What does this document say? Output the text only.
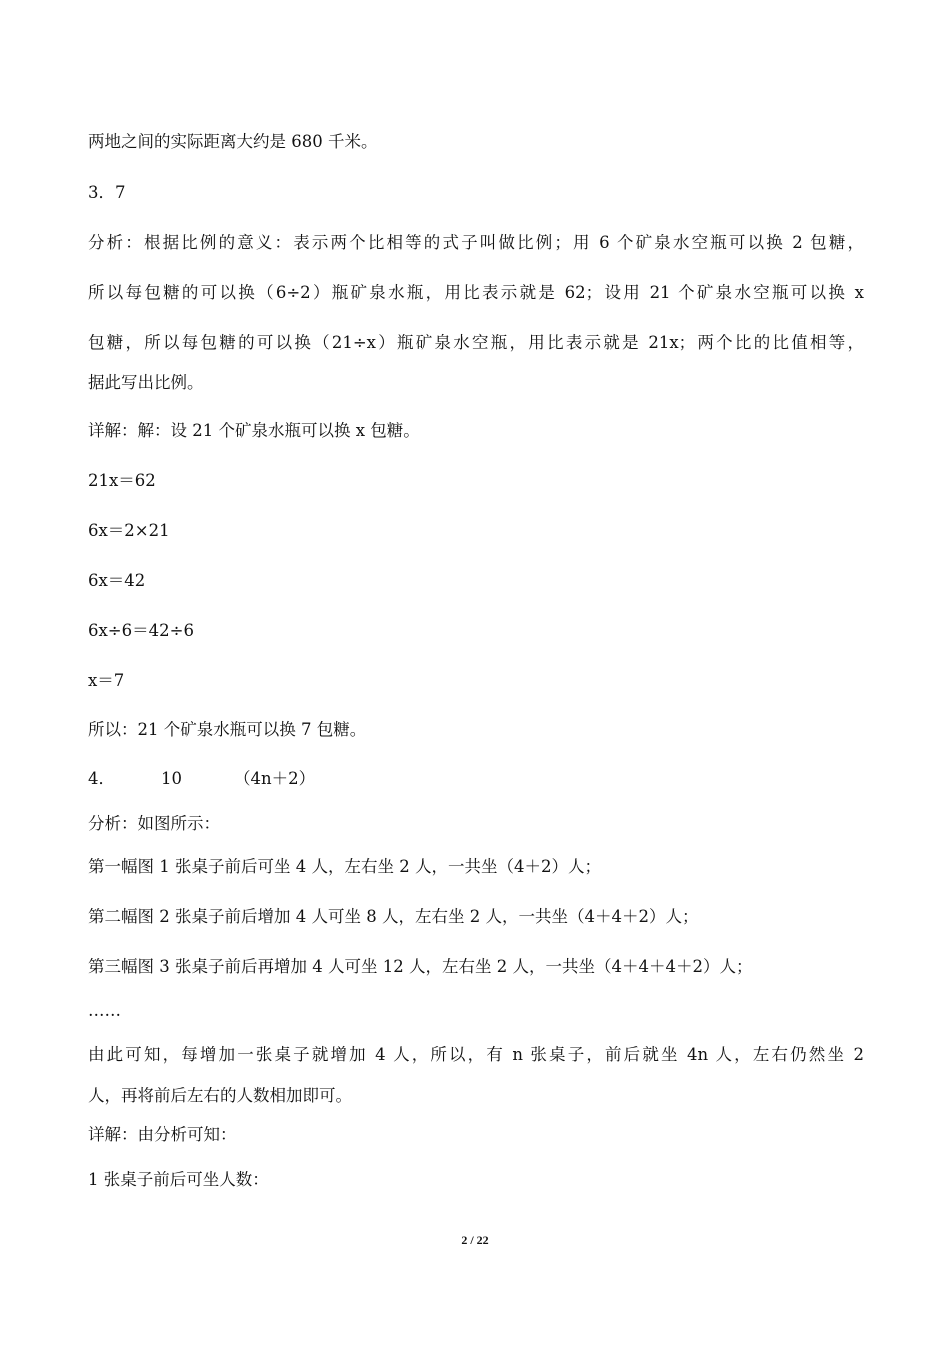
两地之间的实际距离大约是 680 千米。
3．7
分析：根据比例的意义：表示两个比相等的式子叫做比例；用 6 个矿泉水空瓶可以换 2 包糖，
所以每包糖的可以换（6÷2）瓶矿泉水瓶，用比表示就是 62；设用 21 个矿泉水空瓶可以换 x
包糖，所以每包糖的可以换（21÷x）瓶矿泉水空瓶，用比表示就是 21x；两个比的比值相等，
据此写出比例。
详解：解：设 21 个矿泉水瓶可以换 x 包糖。
21x＝62
6x＝2×21
6x＝42
6x÷6＝42÷6
x＝7
所以：21 个矿泉水瓶可以换 7 包糖。
4．	10	（4n＋2）
分析：如图所示：
第一幅图 1 张桌子前后可坐 4 人，左右坐 2 人，一共坐（4＋2）人；
第二幅图 2 张桌子前后增加 4 人可坐 8 人，左右坐 2 人，一共坐（4＋4＋2）人；
第三幅图 3 张桌子前后再增加 4 人可坐 12 人，左右坐 2 人，一共坐（4＋4＋4＋2）人；
……
由此可知，每增加一张桌子就增加 4 人，所以，有 n 张桌子，前后就坐 4n 人，左右仍然坐 2
人，再将前后左右的人数相加即可。
详解：由分析可知：
1 张桌子前后可坐人数：
2 / 22
